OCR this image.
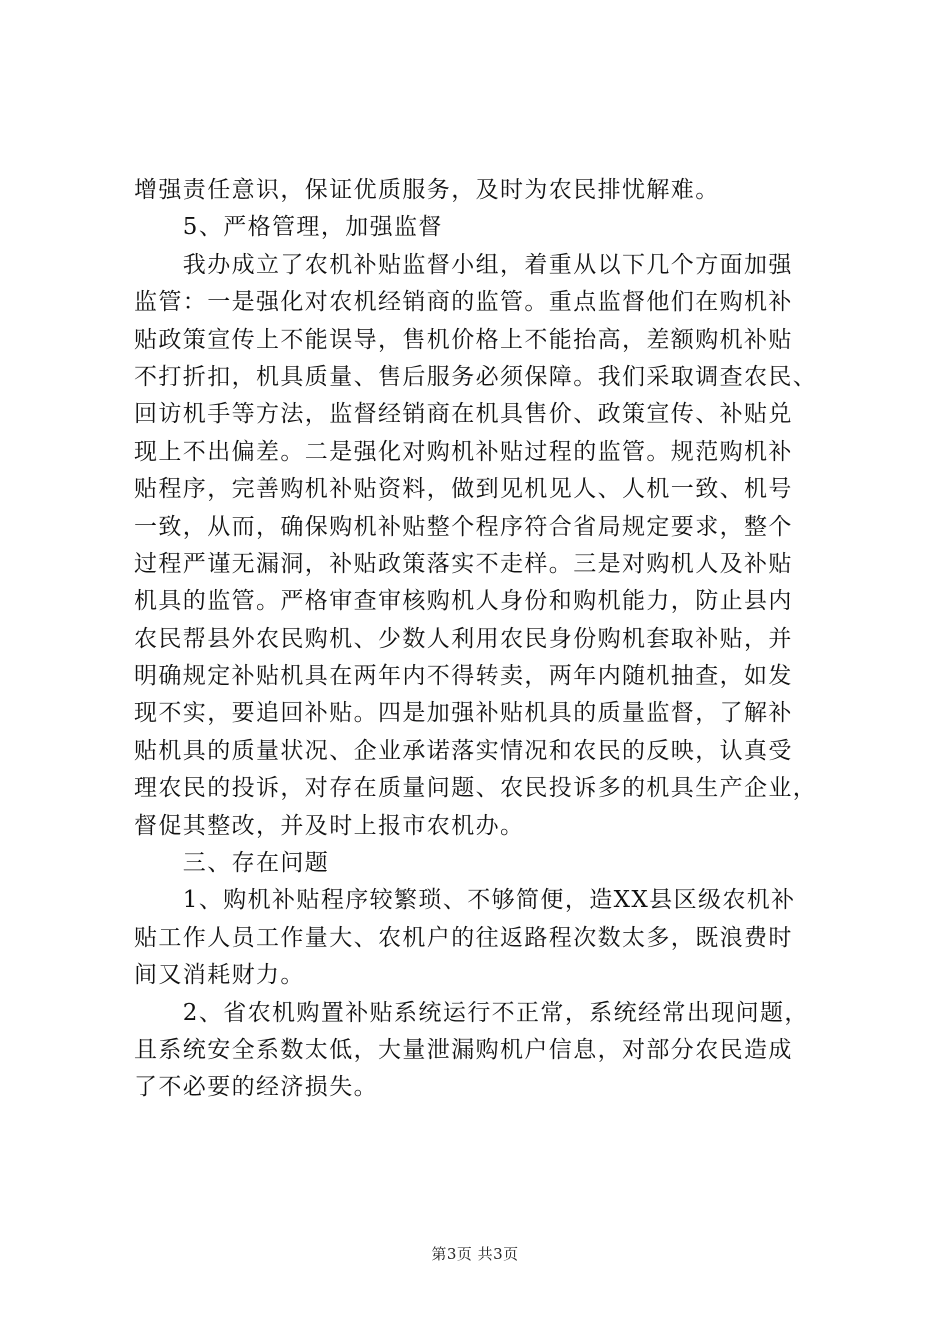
增强责任意识，保证优质服务，及时为农民排忧解难。
　　5、严格管理，加强监督
　　我办成立了农机补贴监督小组，着重从以下几个方面加强
监管：一是强化对农机经销商的监管。重点监督他们在购机补
贴政策宣传上不能误导，售机价格上不能抬高，差额购机补贴
不打折扣，机具质量、售后服务必须保障。我们采取调查农民、
回访机手等方法，监督经销商在机具售价、政策宣传、补贴兑
现上不出偏差。二是强化对购机补贴过程的监管。规范购机补
贴程序，完善购机补贴资料，做到见机见人、人机一致、机号
一致，从而，确保购机补贴整个程序符合省局规定要求，整个
过程严谨无漏洞，补贴政策落实不走样。三是对购机人及补贴
机具的监管。严格审查审核购机人身份和购机能力，防止县内
农民帮县外农民购机、少数人利用农民身份购机套取补贴，并
明确规定补贴机具在两年内不得转卖，两年内随机抽查，如发
现不实，要追回补贴。四是加强补贴机具的质量监督，了解补
贴机具的质量状况、企业承诺落实情况和农民的反映，认真受
理农民的投诉，对存在质量问题、农民投诉多的机具生产企业，
督促其整改，并及时上报市农机办。
　　三、存在问题
　　1、购机补贴程序较繁琐、不够简便，造XX县区级农机补
贴工作人员工作量大、农机户的往返路程次数太多，既浪费时
间又消耗财力。
　　2、省农机购置补贴系统运行不正常，系统经常出现问题，
且系统安全系数太低，大量泄漏购机户信息，对部分农民造成
了不必要的经济损失。
第3页 共3页
